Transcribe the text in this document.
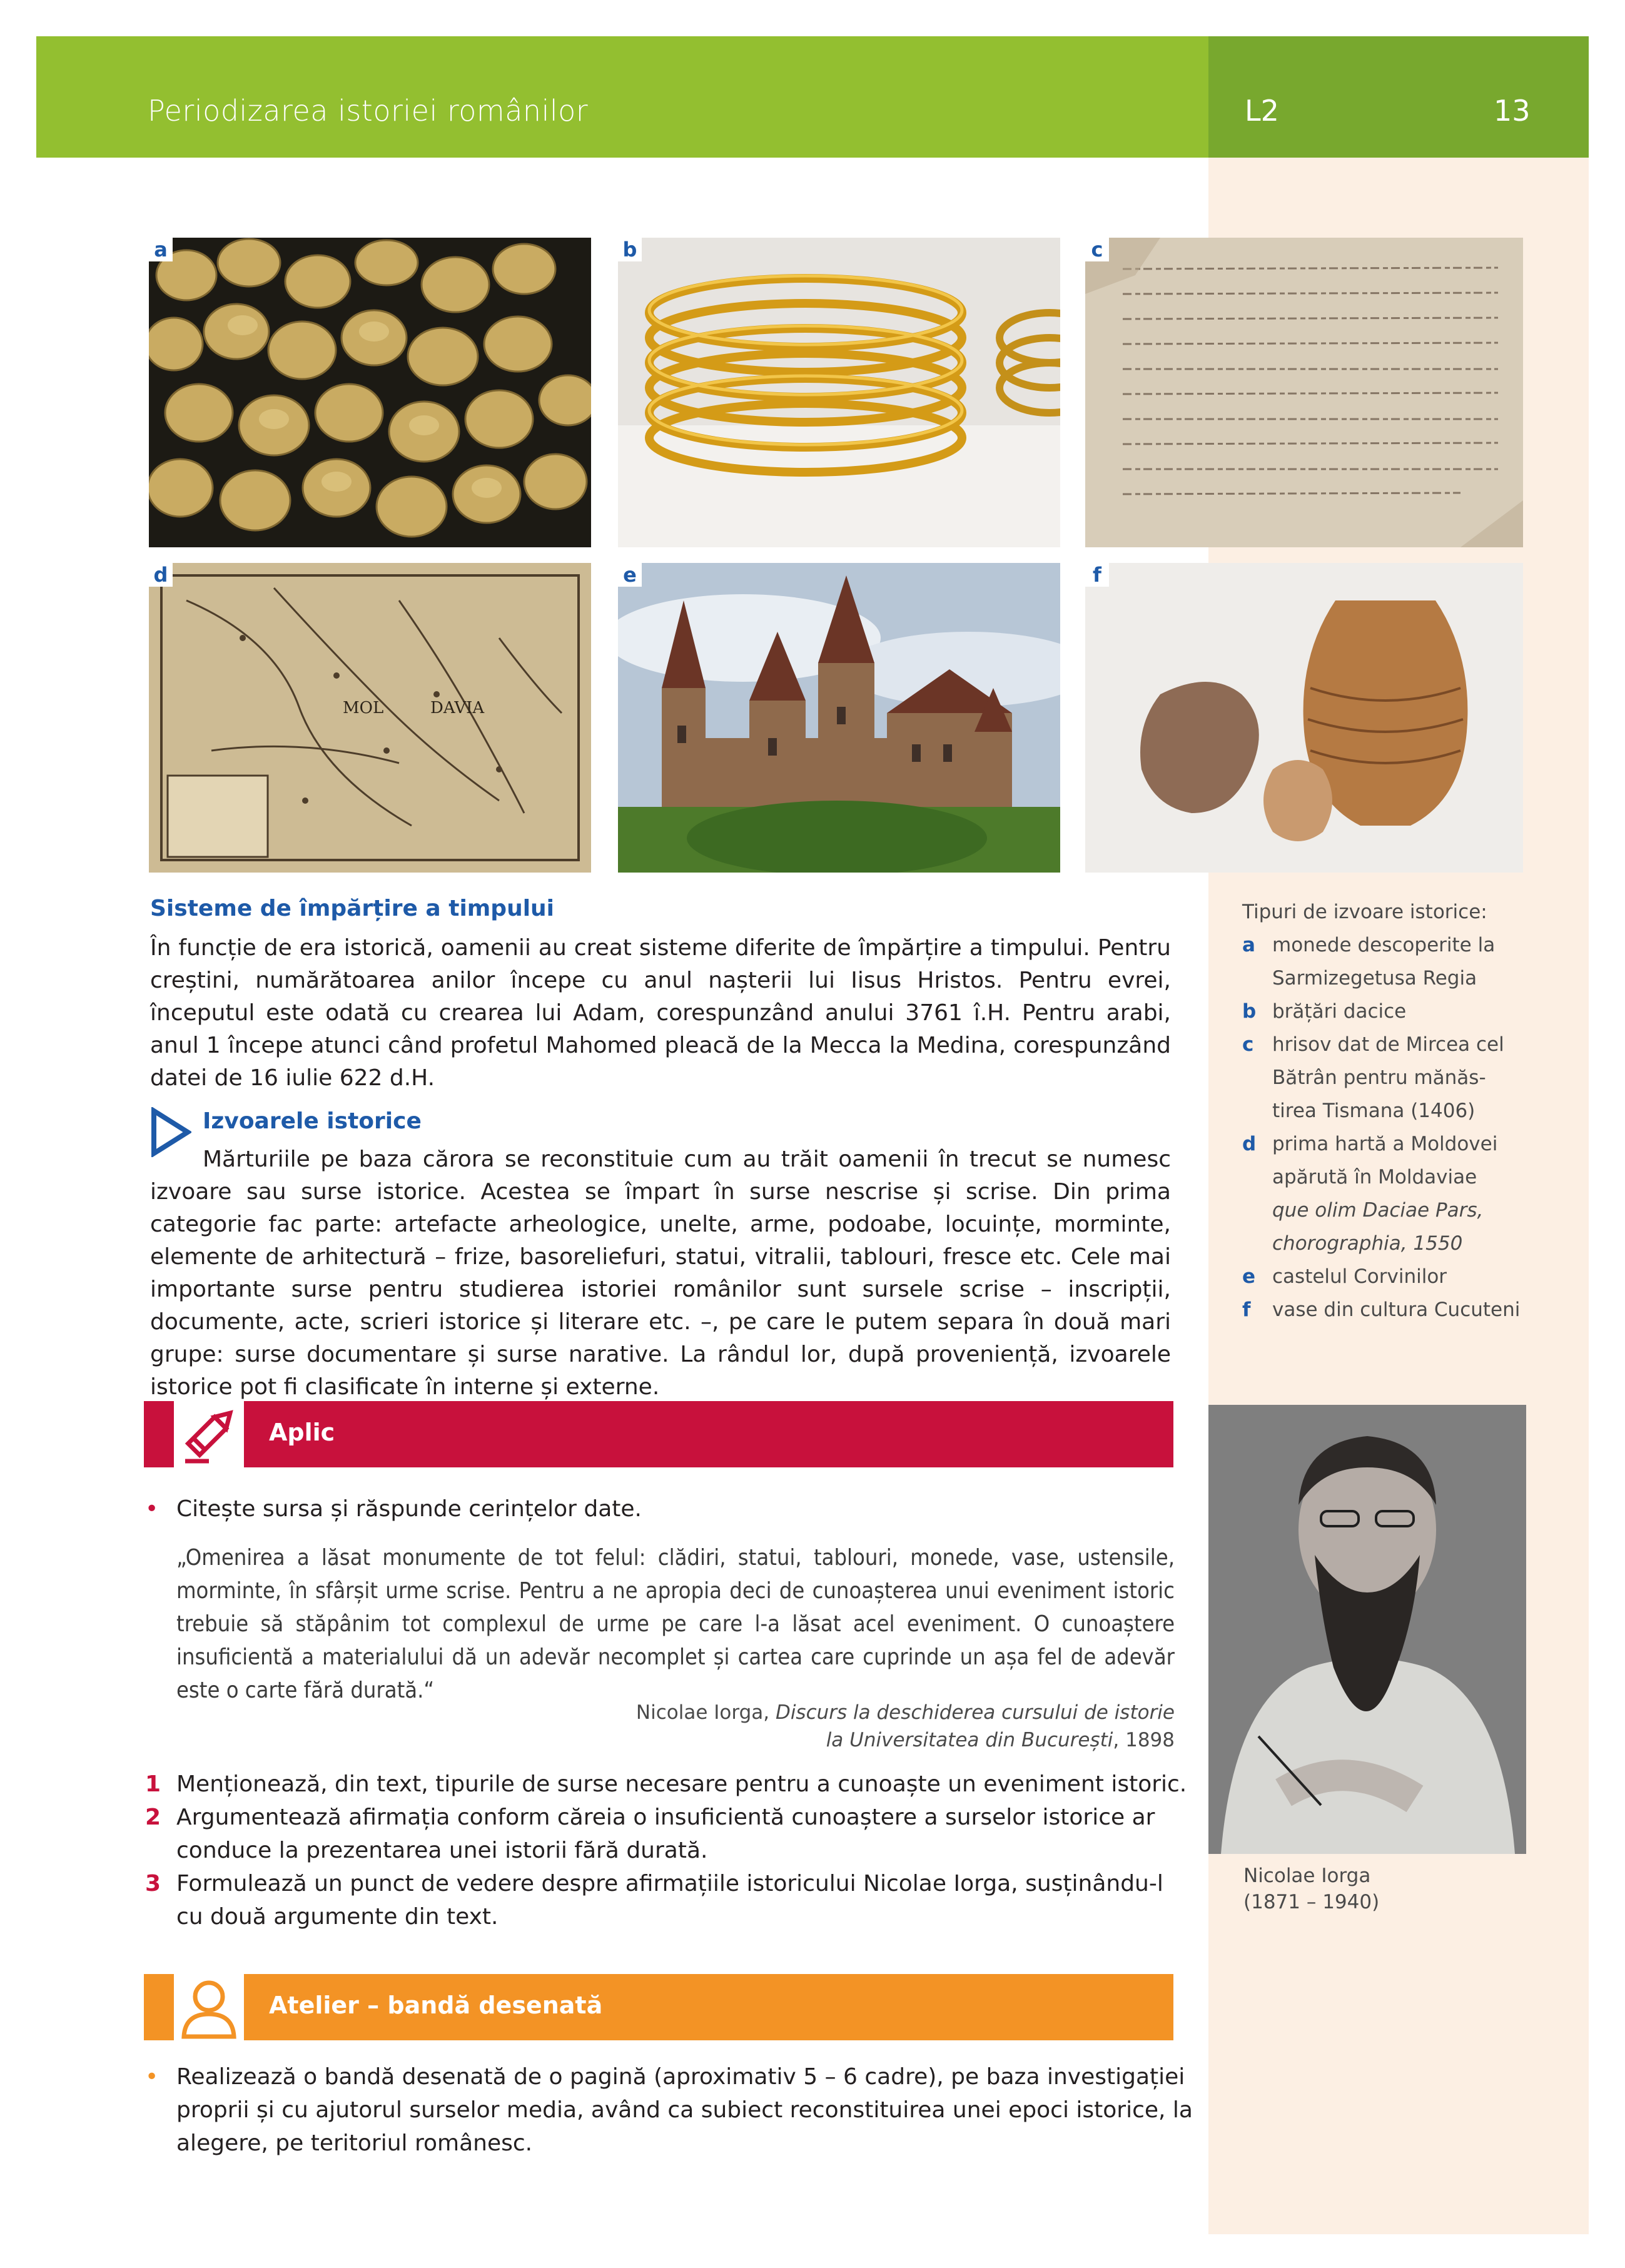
Periodizarea istoriei românilor	L2	13
a	b	c
MOL	DAVIA
d	e	f
Sisteme de împărțire a timpului
În funcție de era istorică, oamenii au creat sisteme diferite de împărțire a timpului. Pentru creștini, numărătoarea anilor începe cu anul nașterii lui Iisus Hristos. Pentru evrei, începutul este odată cu crearea lui Adam, corespunzând anului 3761 î.H. Pentru arabi, anul 1 începe atunci când profetul Mahomed pleacă de la Mecca la Medina, corespunzând datei de 16 iulie 622 d.H.
Izvoarele istorice
Mărturiile pe baza cărora se reconstituie cum au trăit oamenii în trecut se numesc izvoare sau surse istorice. Acestea se împart în surse nescrise și scrise. Din prima categorie fac parte: artefacte arheologice, unelte, arme, podoabe, locuințe, morminte, elemente de arhitectură – frize, basoreliefuri, statui, vitralii, tablouri, fresce etc. Cele mai importante surse pentru studierea istoriei românilor sunt sursele scrise – inscripții, documente, acte, scrieri istorice și literare etc. –, pe care le putem separa în două mari grupe: surse documentare și surse narative. La rândul lor, după proveniență, izvoarele istorice pot fi clasificate în interne și externe.
Tipuri de izvoare istorice:
a monede descoperite la
Sarmizegetusa Regia
b brățări dacice
c hrisov dat de Mircea cel
Bătrân pentru mănăs-
tirea Tismana (1406)
d prima hartă a Moldovei
apărută în Moldaviae
que olim Daciae Pars,
chorographia, 1550
e castelul Corvinilor
f vase din cultura Cucuteni
Aplic
• Citește sursa și răspunde cerințelor date.
„Omenirea a lăsat monumente de tot felul: clădiri, statui, tablouri, monede, vase, ustensile, morminte, în sfârșit urme scrise. Pentru a ne apropia deci de cunoașterea unui eveniment istoric trebuie să stăpânim tot complexul de urme pe care l-a lăsat acel eveniment. O cunoaștere insuficientă a materialului dă un adevăr necomplet și cartea care cuprinde un așa fel de adevăr este o carte fără durată.“
Nicolae Iorga, Discurs la deschiderea cursului de istorie
la Universitatea din București, 1898
1 Menționează, din text, tipurile de surse necesare pentru a cunoaște un eveniment istoric.
2 Argumentează afirmația conform căreia o insuficientă cunoaștere a surselor istorice ar
conduce la prezentarea unei istorii fără durată.
3 Formulează un punct de vedere despre afirmațiile istoricului Nicolae Iorga, susținându-l
cu două argumente din text.
Atelier – bandă desenată
• Realizează o bandă desenată de o pagină (aproximativ 5 – 6 cadre), pe baza investigației
proprii și cu ajutorul surselor media, având ca subiect reconstituirea unei epoci istorice, la
alegere, pe teritoriul românesc.
Nicolae Iorga
(1871 – 1940)
